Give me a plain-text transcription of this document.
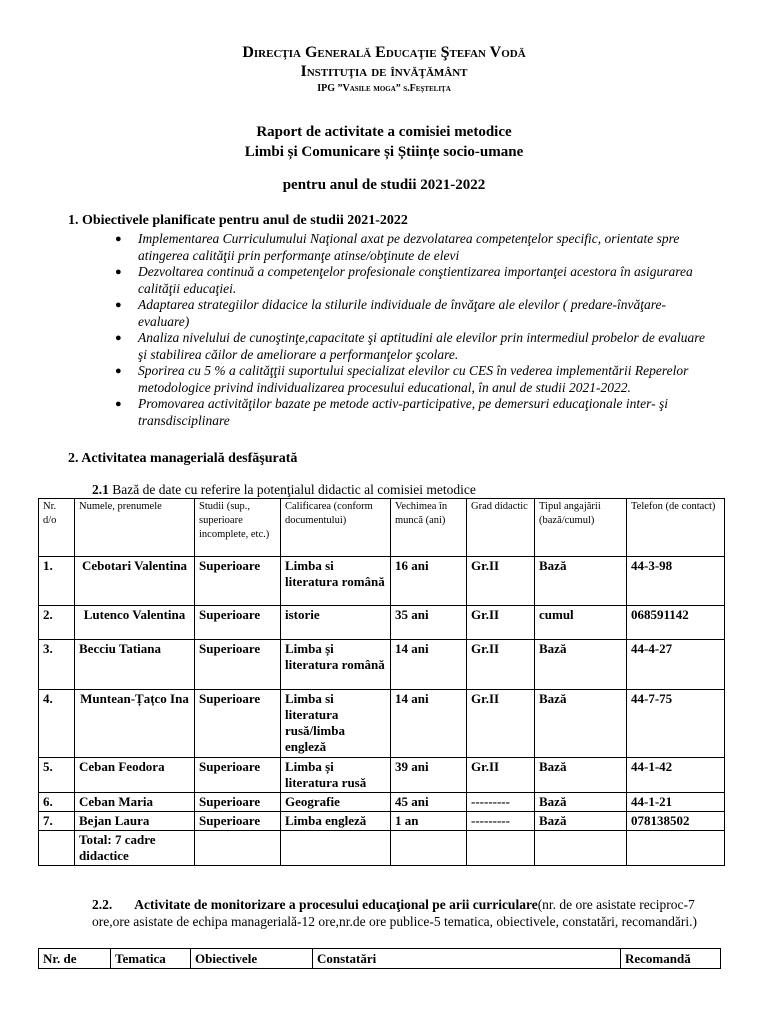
Direcţia Generală Educaţie Ştefan Vodă
Instituţia de învăţământ
IPG ”Vasile moga” s.Feştelița
Raport de activitate a comisiei metodice
Limbi și Comunicare și Științe socio-umane
pentru anul de studii 2021-2022
1. Obiectivele planificate pentru anul de studii 2021-2022
● Implementarea Curriculumului Naţional axat pe dezvolatarea competenţelor specific, orientate spre atingerea calităţii prin performanţe atinse/obţinute de elevi
● Dezvoltarea continuă a competenţelor profesionale conştientizarea importanţei acestora în asigurarea calităţii educaţiei.
● Adaptarea strategiilor didacice la stilurile individuale de învăţare ale elevilor ( predare-învăţare-evaluare)
● Analiza nivelului de cunoştinţe,capacitate şi aptitudini ale elevilor prin intermediul probelor de evaluare şi stabilirea căilor de ameliorare a performanţelor şcolare.
● Sporirea cu 5 % a calităţţii suportului specializat elevilor cu CES în vederea implementării Reperelor metodologice privind individualizarea procesului educational, în anul de studii 2021-2022.
● Promovarea activităţilor bazate pe metode activ-participative, pe demersuri educaţionale inter- şi transdisciplinare
2. Activitatea managerială desfăşurată
2.1 Bază de date cu referire la potenţialul didactic al comisiei metodice
Nr. d/o	Numele, prenumele	Studii (sup., superioare incomplete, etc.)	Calificarea (conform documentului)	Vechimea în muncă (ani)	Grad didactic	Tipul angajării (bază/cumul)	Telefon (de contact)
1.	Cebotari Valentina	Superioare	Limba si literatura română	16 ani	Gr.II	Bază	44-3-98
2.	Lutenco Valentina	Superioare	istorie	35 ani	Gr.II	cumul	068591142
3.	Becciu Tatiana	Superioare	Limba și literatura română	14 ani	Gr.II	Bază	44-4-27
4.	Muntean-Țațco Ina	Superioare	Limba si literatura rusă/limba engleză	14 ani	Gr.II	Bază	44-7-75
5.	Ceban Feodora	Superioare	Limba și literatura rusă	39 ani	Gr.II	Bază	44-1-42
6.	Ceban Maria	Superioare	Geografie	45 ani	---------	Bază	44-1-21
7.	Bejan Laura	Superioare	Limba engleză	1 an	---------	Bază	078138502
	Total: 7 cadre didactice						
2.2. Activitate de monitorizare a procesului educaţional pe arii curriculare(nr. de ore asistate reciproc-7 ore,ore asistate de echipa managerială-12 ore,nr.de ore publice-5 tematica, obiectivele, constatări, recomandări.)
Nr. de	Tematica	Obiectivele	Constatări	Recomandă
